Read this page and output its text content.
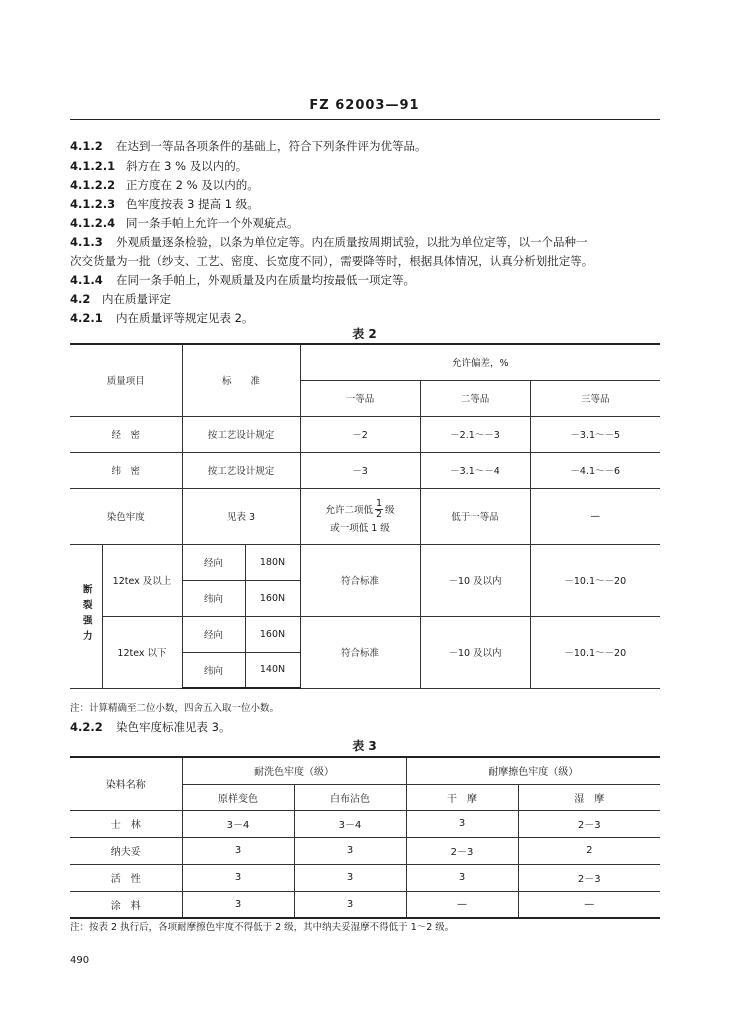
FZ 62003—91
4.1.2 在达到一等品各项条件的基础上，符合下列条件评为优等品。
4.1.2.1 斜方在 3 % 及以内的。
4.1.2.2 正方度在 2 % 及以内的。
4.1.2.3 色牢度按表 3 提高 1 级。
4.1.2.4 同一条手帕上允许一个外观疵点。
4.1.3 外观质量逐条检验，以条为单位定等。内在质量按周期试验，以批为单位定等，以一个品种一
次交货量为一批（纱支、工艺、密度、长宽度不同），需要降等时，根据具体情况，认真分析划批定等。
4.1.4 在同一条手帕上，外观质量及内在质量均按最低一项定等。
4.2 内在质量评定
4.2.1 内在质量评等规定见表 2。
表 2
质量项目		标　　准		允许偏差，%		
				一等品	二等品	三等品
经　密		按工艺设计规定		－2	－2.1～－3	－3.1～－5
纬　密		按工艺设计规定		－3	－3.1～－4	－4.1～－6
染色牢度		见表 3		允许二项低 $\frac{1}{2}$ 级
或一项低 1 级	低于一等品	—
断裂强力	12tex 及以上	经向	180N	符合标准	－10 及以内	－10.1～－20
		纬向	160N			
	12tex 以下	经向	160N	符合标准	－10 及以内	－10.1～－20
		纬向	140N			
注：计算精确至二位小数，四舍五入取一位小数。
4.2.2 染色牢度标准见表 3。
表 3
染料名称	耐洗色牢度（级）		耐摩擦色牢度（级）	
	原样变色	白布沾色	干　摩	湿　摩
士　林	3－4	3－4	3	2－3
纳夫妥	3	3	2－3	2
活　性	3	3	3	2－3
涂　料	3	3	—	—
注：按表 2 执行后，各项耐摩擦色牢度不得低于 2 级，其中纳夫妥湿摩不得低于 1～2 级。
490
